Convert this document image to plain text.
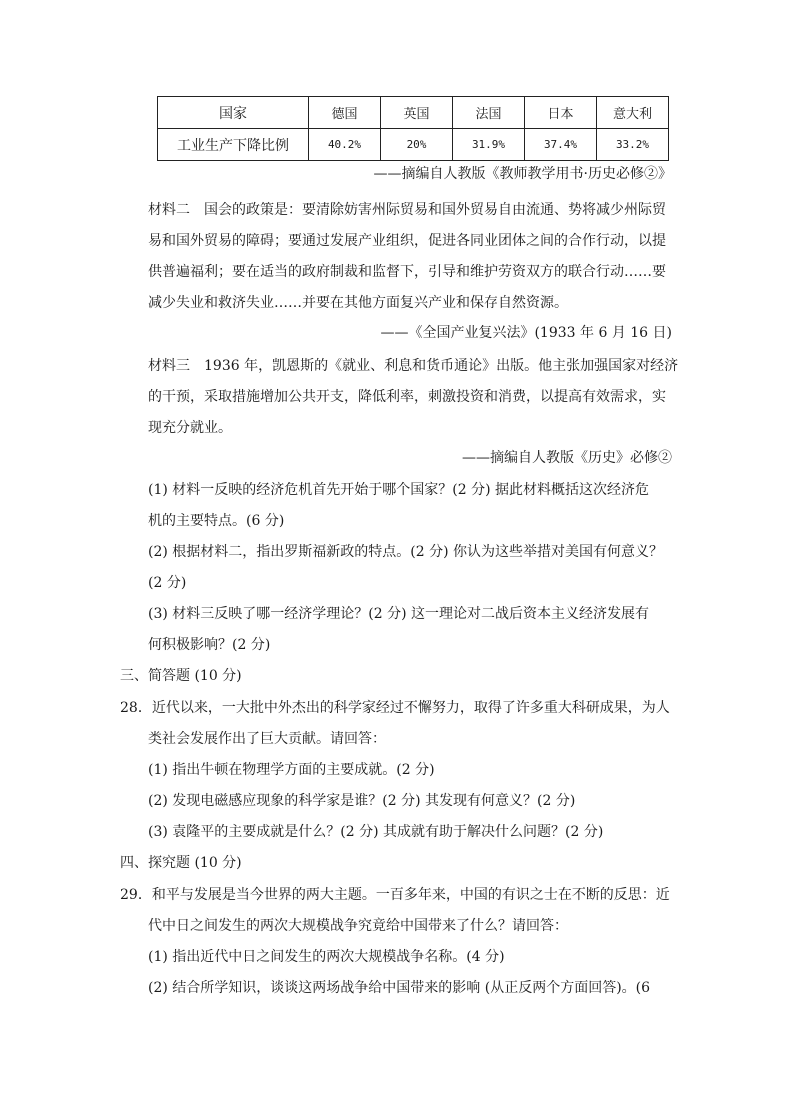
国家	德国	英国	法国	日本	意大利
工业生产下降比例	40.2%	20%	31.9%	37.4%	33.2%
——摘编自人教版《教师教学用书·历史必修②》
材料二　国会的政策是：要清除妨害州际贸易和国外贸易自由流通、势将减少州际贸
易和国外贸易的障碍；要通过发展产业组织，促进各同业团体之间的合作行动，以提
供普遍福利；要在适当的政府制裁和监督下，引导和维护劳资双方的联合行动……要
减少失业和救济失业……并要在其他方面复兴产业和保存自然资源。
——《全国产业复兴法》(1933 年 6 月 16 日)
材料三　1936 年，凯恩斯的《就业、利息和货币通论》出版。他主张加强国家对经济
的干预，采取措施增加公共开支，降低利率，刺激投资和消费，以提高有效需求，实
现充分就业。
——摘编自人教版《历史》必修②
(1) 材料一反映的经济危机首先开始于哪个国家？(2 分) 据此材料概括这次经济危
机的主要特点。(6 分)
(2) 根据材料二，指出罗斯福新政的特点。(2 分) 你认为这些举措对美国有何意义？
(2 分)
(3) 材料三反映了哪一经济学理论？(2 分) 这一理论对二战后资本主义经济发展有
何积极影响？(2 分)
三、简答题 (10 分)
28．近代以来，一大批中外杰出的科学家经过不懈努力，取得了许多重大科研成果，为人
类社会发展作出了巨大贡献。请回答：
(1) 指出牛顿在物理学方面的主要成就。(2 分)
(2) 发现电磁感应现象的科学家是谁？(2 分) 其发现有何意义？(2 分)
(3) 袁隆平的主要成就是什么？(2 分) 其成就有助于解决什么问题？(2 分)
四、探究题 (10 分)
29．和平与发展是当今世界的两大主题。一百多年来，中国的有识之士在不断的反思：近
代中日之间发生的两次大规模战争究竟给中国带来了什么？请回答：
(1) 指出近代中日之间发生的两次大规模战争名称。(4 分)
(2) 结合所学知识，谈谈这两场战争给中国带来的影响 (从正反两个方面回答)。(6
